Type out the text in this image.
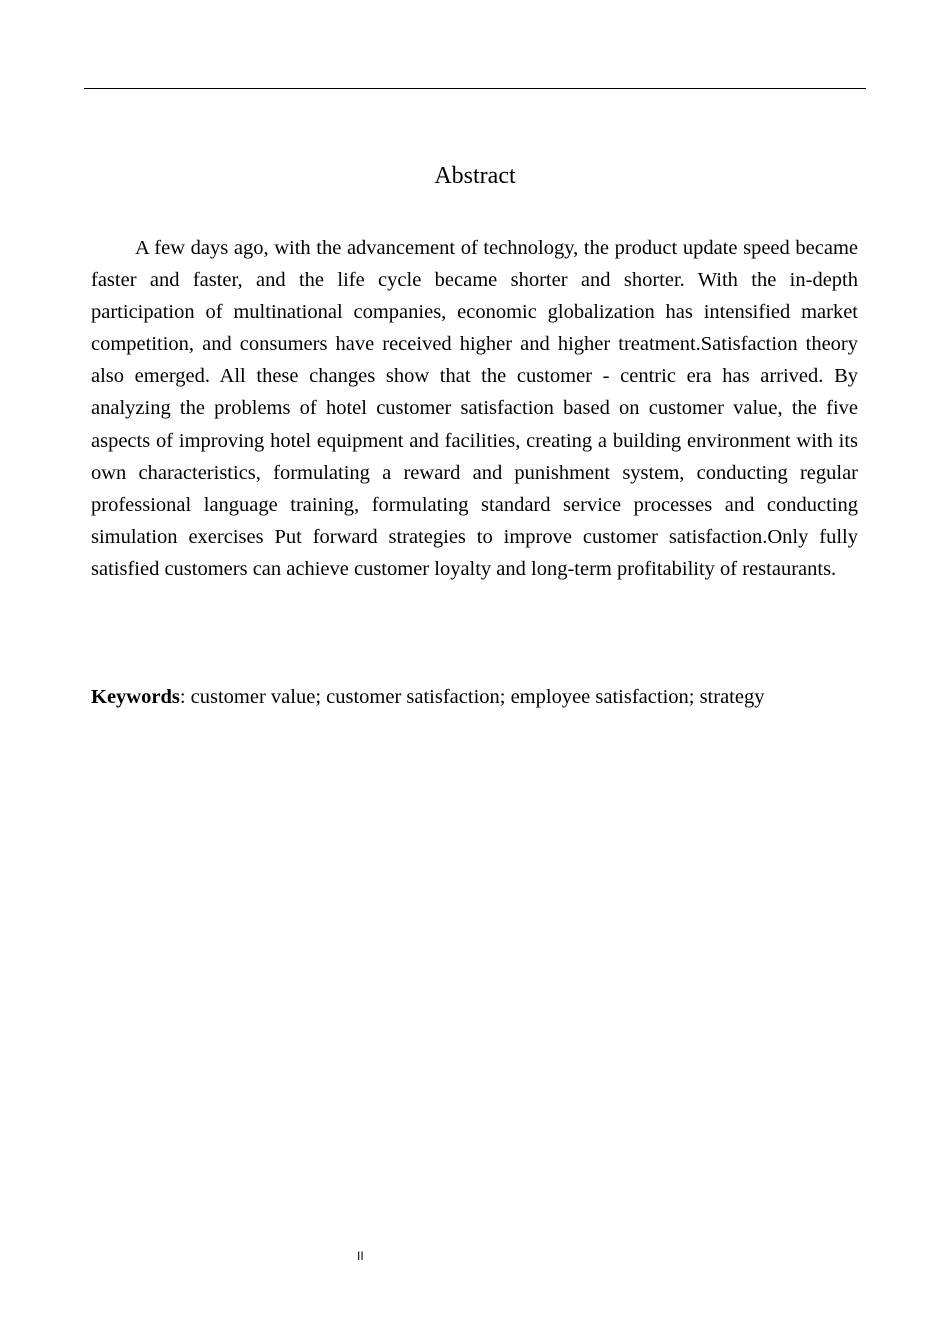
Abstract

A few days ago, with the advancement of technology, the product update speed became faster and faster, and the life cycle became shorter and shorter. With the in-depth participation of multinational companies, economic globalization has intensified market competition, and consumers have received higher and higher treatment.Satisfaction theory also emerged. All these changes show that the customer - centric era has arrived. By analyzing the problems of hotel customer satisfaction based on customer value, the five aspects of improving hotel equipment and facilities, creating a building environment with its own characteristics, formulating a reward and punishment system, conducting regular professional language training, formulating standard service processes and conducting simulation exercises Put forward strategies to improve customer satisfaction.Only fully satisfied customers can achieve customer loyalty and long-term profitability of restaurants.

Keywords: customer value; customer satisfaction; employee satisfaction; strategy

II
